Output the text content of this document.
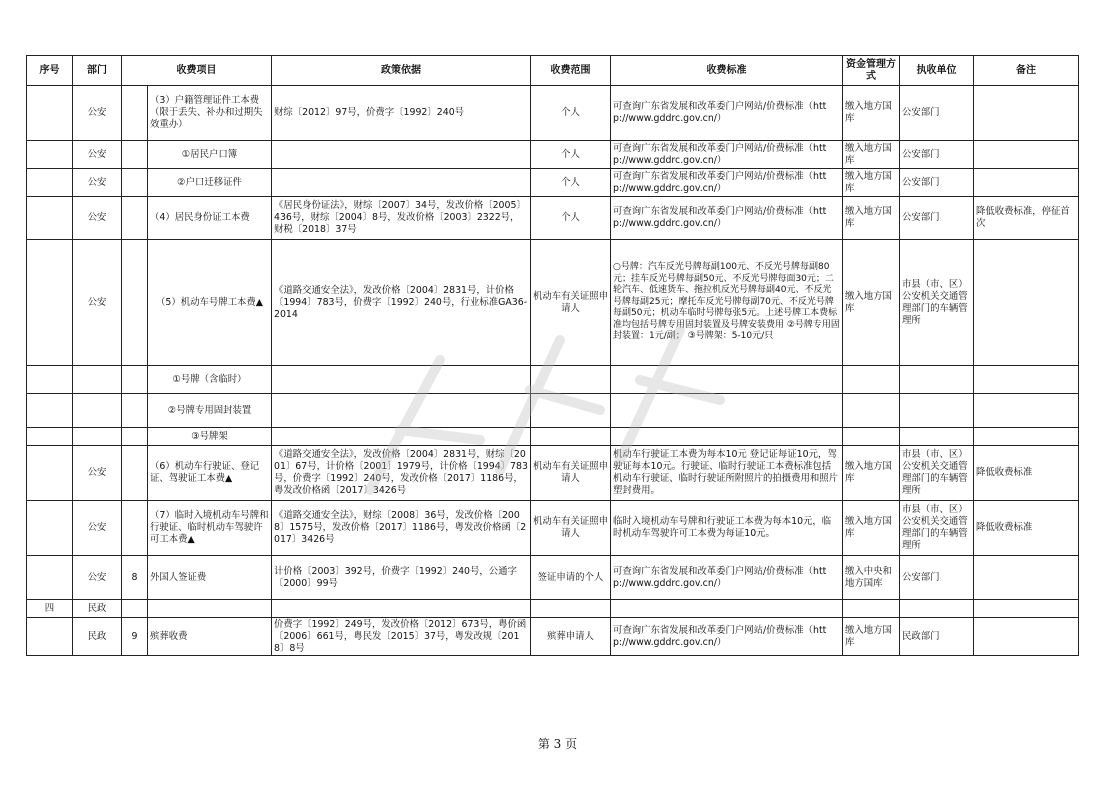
序号	部门	收费项目		政策依据	收费范围	收费标准	资金管理方式	执收单位	备注
	公安		（3）户籍管理证件工本费（限于丢失、补办和过期失效重办）	财综〔2012〕97号，价费字〔1992〕240号	个人	可查询广东省发展和改革委门户网站/价费标准（http://www.gddrc.gov.cn/）	缴入地方国库	公安部门	
	公安		①居民户口簿		个人	可查询广东省发展和改革委门户网站/价费标准（http://www.gddrc.gov.cn/）	缴入地方国库	公安部门	
	公安		②户口迁移证件		个人	可查询广东省发展和改革委门户网站/价费标准（http://www.gddrc.gov.cn/）	缴入地方国库	公安部门	
	公安		（4）居民身份证工本费	《居民身份证法》，财综〔2007〕34号，发改价格〔2005〕436号，财综〔2004〕8号，发改价格〔2003〕2322号，财税〔2018〕37号	个人	可查询广东省发展和改革委门户网站/价费标准（http://www.gddrc.gov.cn/）	缴入地方国库	公安部门	降低收费标准，停征首次
	公安		（5）机动车号牌工本费▲	《道路交通安全法》，发改价格〔2004〕2831号，计价格〔1994〕783号，价费字〔1992〕240号，行业标准GA36-2014	机动车有关证照申请人	○号牌：汽车反光号牌每副100元、不反光号牌每副80元；挂车反光号牌每副50元、不反光号牌每面30元；二轮汽车、低速货车、拖拉机反光号牌每副40元、不反光号牌每副25元；摩托车反光号牌每副70元、不反光号牌每副50元；机动车临时号牌每张5元。上述号牌工本费标准均包括号牌专用固封装置及号牌安装费用 ②号牌专用固封装置：1元/副； ③号牌架：5-10元/只	缴入地方国库	市县（市、区）公安机关交通管理部门的车辆管理所	
			①号牌（含临时）						
			②号牌专用固封装置						
			③号牌架						
	公安		（6）机动车行驶证、登记证、驾驶证工本费▲	《道路交通安全法》，发改价格〔2004〕2831号，财综〔2001〕67号，计价格〔2001〕1979号，计价格〔1994〕783号，价费字〔1992〕240号，发改价格〔2017〕1186号，粤发改价格函〔2017〕3426号	机动车有关证照申请人	机动车行驶证工本费为每本10元 登记证每证10元，驾驶证每本10元。行驶证、临时行驶证工本费标准包括机动车行驶证、临时行驶证所附照片的拍摄费用和照片塑封费用。	缴入地方国库	市县（市、区）公安机关交通管理部门的车辆管理所	降低收费标准
	公安		（7）临时入境机动车号牌和行驶证、临时机动车驾驶许可工本费▲	《道路交通安全法》，财综〔2008〕36号，发改价格〔2008〕1575号，发改价格〔2017〕1186号，粤发改价格函〔2017〕3426号	机动车有关证照申请人	临时入境机动车号牌和行驶证工本费为每本10元，临时机动车驾驶许可工本费为每证10元。	缴入地方国库	市县（市、区）公安机关交通管理部门的车辆管理所	降低收费标准
	公安	8	外国人签证费	计价格〔2003〕392号，价费字〔1992〕240号，公通字〔2000〕99号	签证申请的个人	可查询广东省发展和改革委门户网站/价费标准（http://www.gddrc.gov.cn/）	缴入中央和地方国库	公安部门	
四	民政								
	民政	9	殡葬收费	价费字〔1992〕249号，发改价格〔2012〕673号，粤价函〔2006〕661号，粤民发〔2015〕37号，粤发改规〔2018〕8号	殡葬申请人	可查询广东省发展和改革委门户网站/价费标准（http://www.gddrc.gov.cn/）	缴入地方国库	民政部门	
第 3 页
